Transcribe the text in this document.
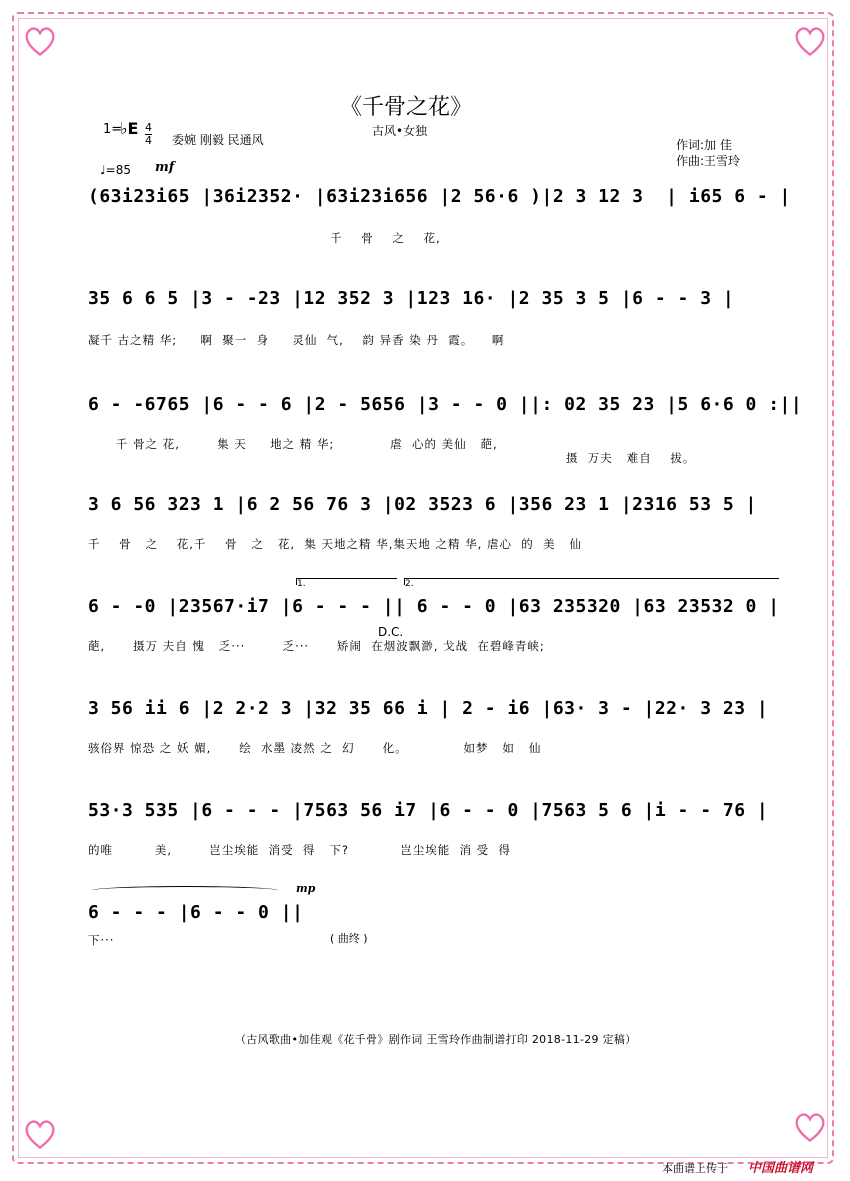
《千骨之花》
古风•女独
1=
♭E 4
4 委婉 刚毅 民通风
♩=85 mf
作词:加 佳
作曲:王雪玲
(63i23i65 |36i2352· |63i23i656 |2 56·6 )|2 3 12 3  | i65 6 - |
千    骨    之    花,
35 6 6 5 |3 - -23 |12 352 3 |123 16· |2 35 3 5 |6 - - 3 |
凝千 古之精 华;     啊  聚一  身     灵仙  气,    韵 异香 染 丹  霞。    啊
6 - -6765 |6 - - 6 |2 - 5656 |3 - - 0 ||: 02 35 23 |5 6·6 0 :||
千 骨之 花,        集 天     地之 精 华;            虐  心的 美仙   葩,
摄  万夫   难自    拔。
3 6 56 323 1 |6 2 56 76 3 |02 3523 6 |356 23 1 |2316 53 5 |
千    骨   之    花,千    骨   之   花,  集 天地之精 华,集天地 之精 华, 虐心  的  美   仙
1.	2.
6 - -0 |23567·i7 |6 - - - || 6 - - 0 |63 235320 |63 23532 0 |
葩,      摄万 夫自 愧   乏···        乏···      矫闹  在烟波飘渺, 戈战  在碧峰青峡;
D.C.
3 56 ii 6 |2 2·2 3 |32 35 66 i | 2 - i6 |63· 3 - |22· 3 23 |
骇俗界 惊恐 之 妖 媚,      绘  水墨 凌然 之  幻      化。            如梦   如   仙
53·3 535 |6 - - - |7563 56 i7 |6 - - 0 |7563 5 6 |i - - 76 |
的唯         美,        岂尘埃能  消受  得   下?           岂尘埃能  消 受  得
6 - - - |6 - - 0 ||
下···
mp
( 曲终 )
（古风歌曲•加佳观《花千骨》剧作词 王雪玲作曲制谱打印 2018-11-29 定稿）
本曲谱上传于 中国曲谱网
